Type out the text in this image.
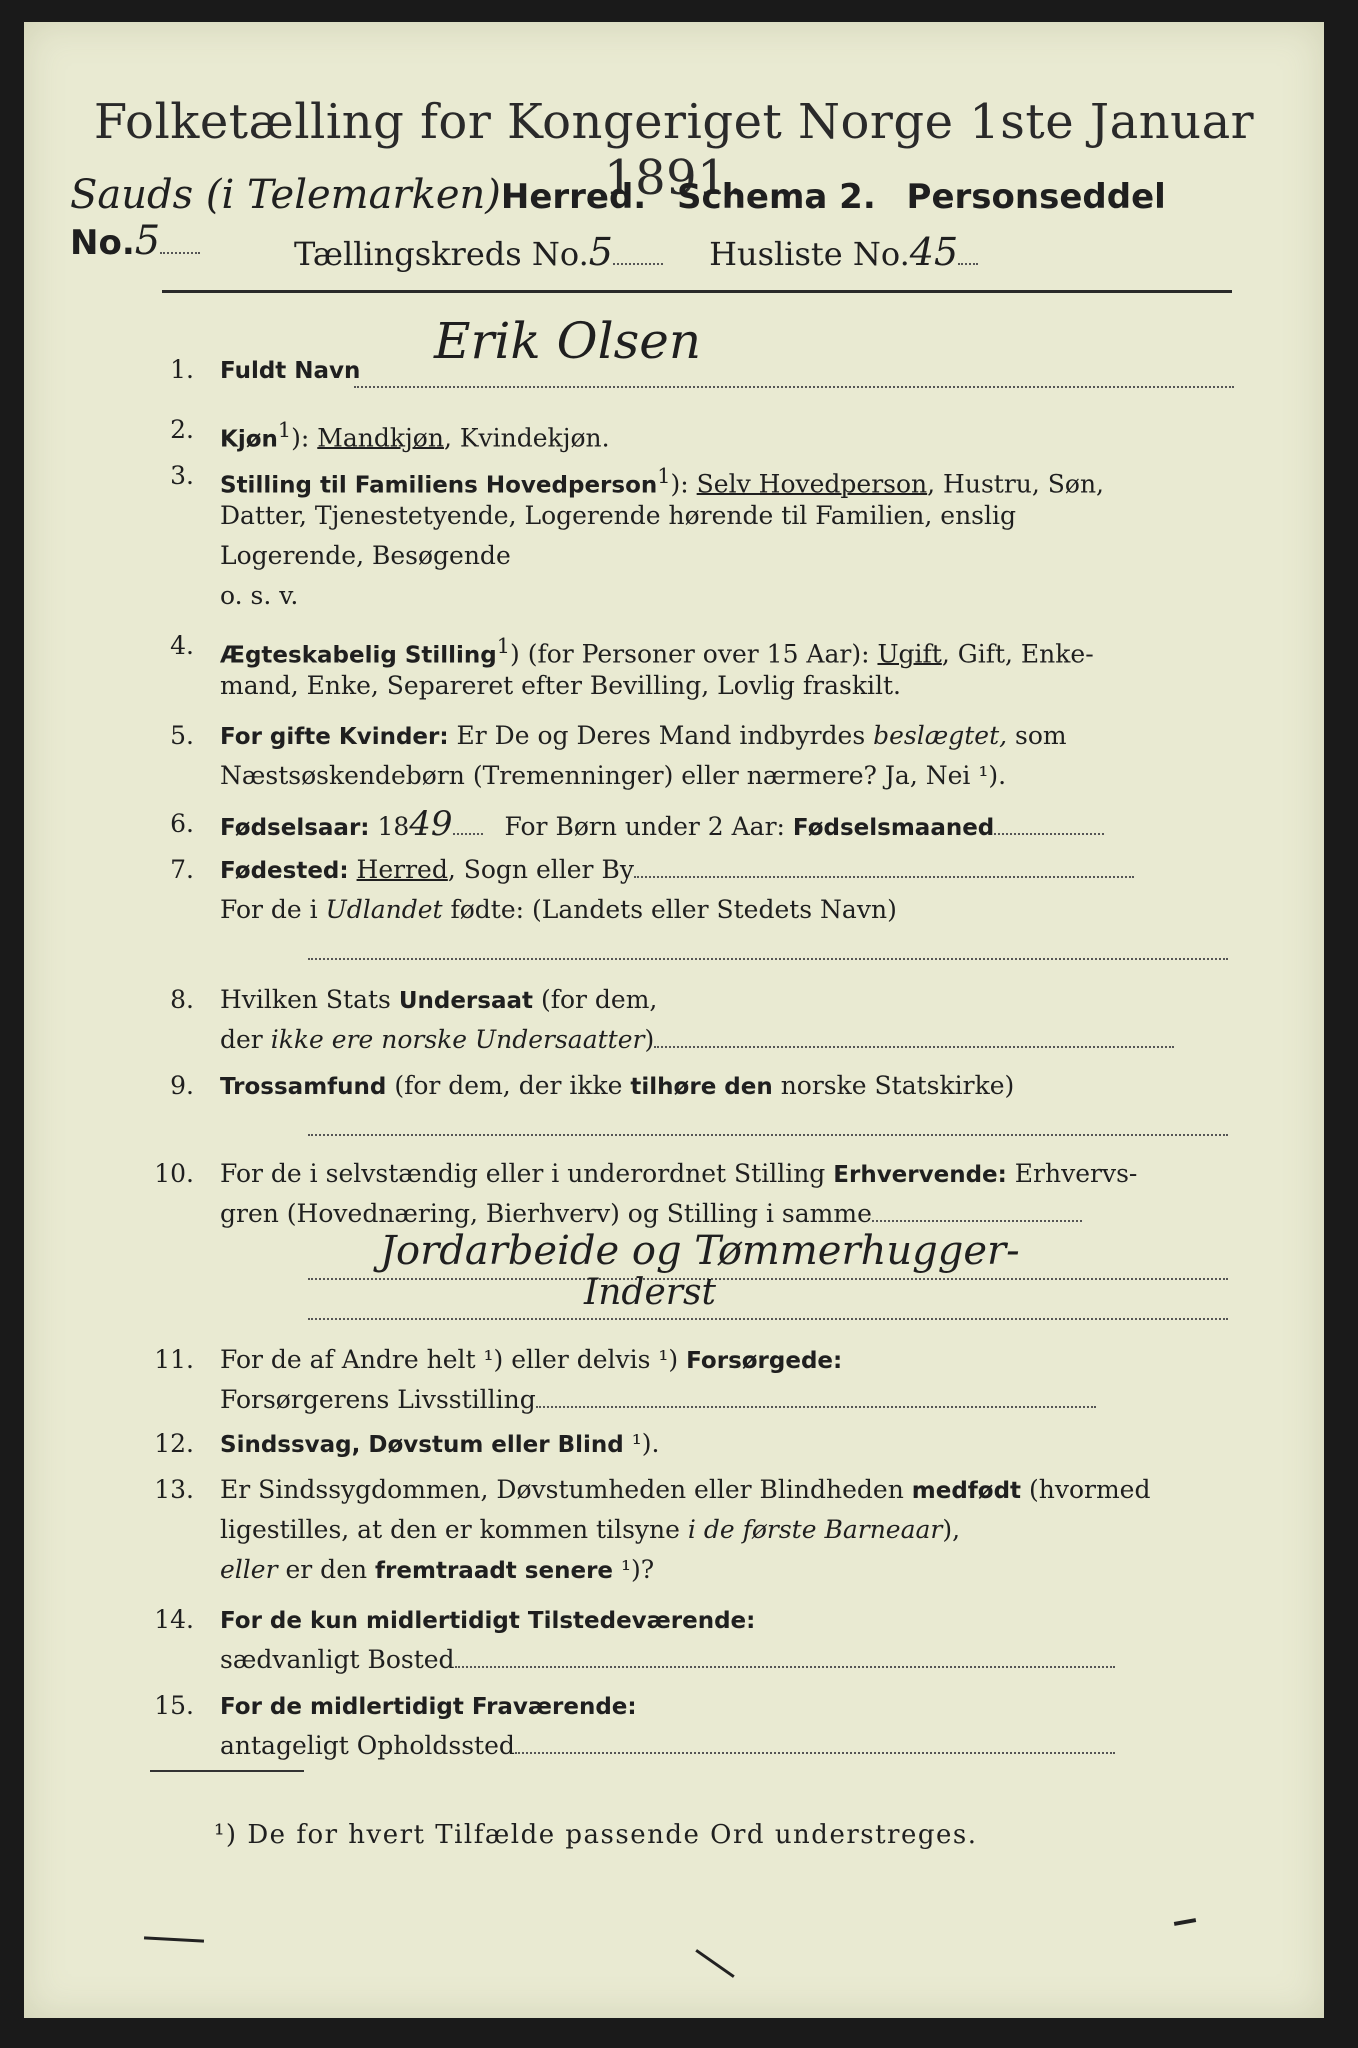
Folketælling for Kongeriget Norge 1ste Januar 1891.
Sauds (i Telemarken)Herred. Schema 2. Personseddel No.5	Tællingskreds No.5	Husliste No.45
1. Fuldt Navn
Erik Olsen
2. Kjøn$^1$): Mandkjøn, Kvindekjøn.
3. Stilling til Familiens Hovedperson$^1$): Selv Hovedperson, Hustru, Søn,
Datter, Tjenestetyende, Logerende hørende til Familien, enslig
Logerende, Besøgende
o. s. v.
4. Ægteskabelig Stilling$^1$) (for Personer over 15 Aar): Ugift, Gift, Enke-
mand, Enke, Separeret efter Bevilling, Lovlig fraskilt.
5. For gifte Kvinder: Er De og Deres Mand indbyrdes beslægtet, som
Næstsøskendebørn (Tremenninger) eller nærmere? Ja, Nei ¹).
6. Fødselsaar: 1849 For Børn under 2 Aar: Fødselsmaaned
7. Fødested: Herred, Sogn eller By
For de i Udlandet fødte: (Landets eller Stedets Navn)
8. Hvilken Stats Undersaat (for dem,
der ikke ere norske Undersaatter)
9. Trossamfund (for dem, der ikke tilhøre den norske Statskirke)
10. For de i selvstændig eller i underordnet Stilling Erhvervende: Erhvervs-
gren (Hovednæring, Bierhverv) og Stilling i samme
Jordarbeide og Tømmerhugger-
Inderst
11. For de af Andre helt ¹) eller delvis ¹) Forsørgede:
Forsørgerens Livsstilling
12. Sindssvag, Døvstum eller Blind ¹).
13. Er Sindssygdommen, Døvstumheden eller Blindheden medfødt (hvormed
ligestilles, at den er kommen tilsyne i de første Barneaar),
eller er den fremtraadt senere ¹)?
14. For de kun midlertidigt Tilstedeværende:
sædvanligt Bosted
15. For de midlertidigt Fraværende:
antageligt Opholdssted
¹) De for hvert Tilfælde passende Ord understreges.
